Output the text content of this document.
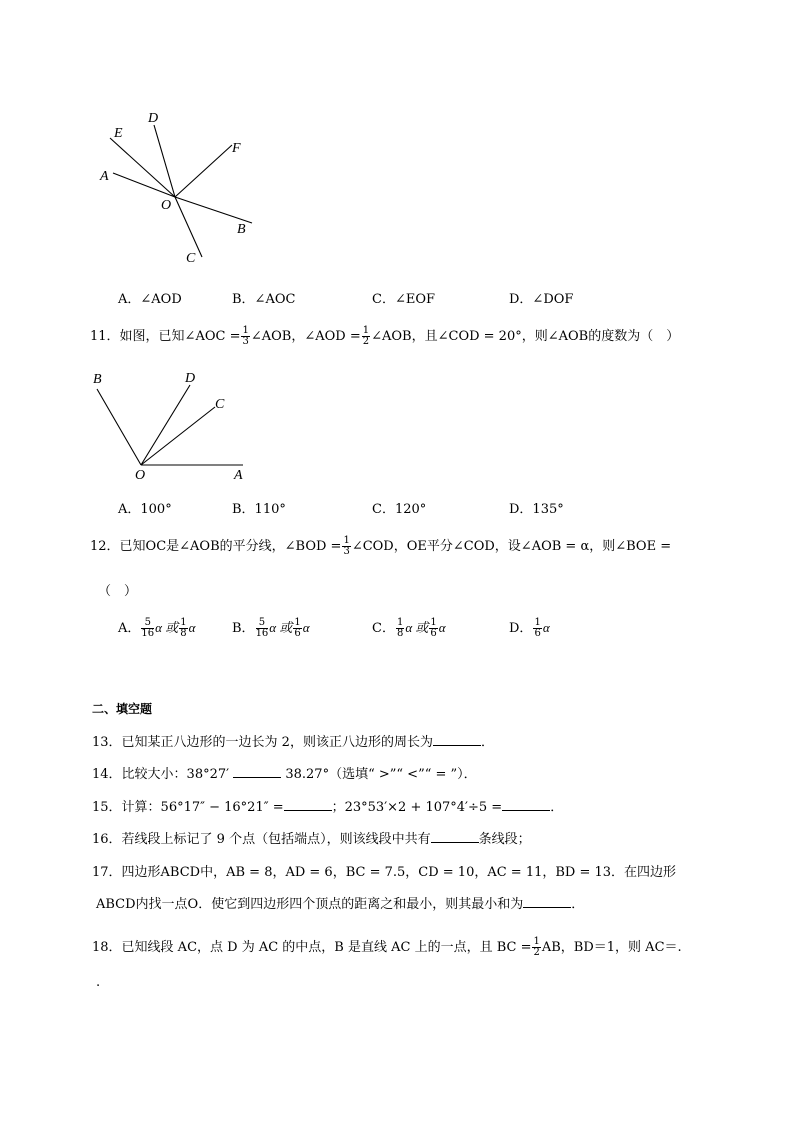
D
E
F
A
O
B
C
A．∠AOD	B．∠AOC	C．∠EOF	D．∠DOF
11．如图，已知∠AOC = $\frac{1}{3}$ ∠AOB，∠AOD = $\frac{1}{2}$ ∠AOB，且∠COD = 20°，则∠AOB的度数为（　）
B	D
C
O	A
A．100°	B．110°	C．120°	D．135°
12．已知OC是∠AOB的平分线，∠BOD = $\frac{1}{3}$ ∠COD，OE平分∠COD，设∠AOB = α，则∠BOE =
（　）
A． $\frac{5}{16}$ α 或 $\frac{1}{8}$ α	B． $\frac{5}{16}$ α 或 $\frac{1}{6}$ α	C． $\frac{1}{8}$ α 或 $\frac{1}{6}$ α	D． $\frac{1}{6}$ α
二、填空题
13．已知某正八边形的一边长为 2，则该正八边形的周长为	．
14．比较大小：38°27′	38.27°（选填“ >”“ <”“ = ”）．
15．计算：56°17″ − 16°21″ =	；23°53′×2 + 107°4′÷5 =	．
16．若线段上标记了 9 个点（包括端点），则该线段中共有	条线段；
17．四边形ABCD中，AB = 8，AD = 6，BC = 7.5，CD = 10，AC = 11，BD = 13．在四边形
ABCD内找一点O．使它到四边形四个顶点的距离之和最小，则其最小和为	．
18．已知线段 AC，点 D 为 AC 的中点，B 是直线 AC 上的一点，且 BC = $\frac{1}{2}$ AB，BD＝1，则 AC＝.
.
